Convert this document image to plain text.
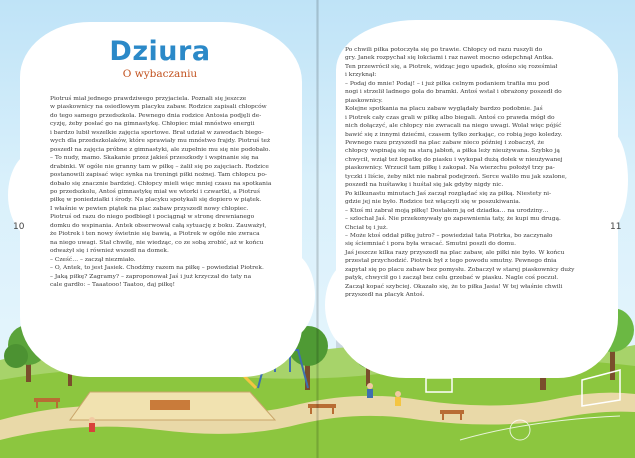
Dziura
O wybaczaniu

Piotruś miał jednego prawdziwego przyjaciela. Poznali się jeszcze

w piaskownicy na osiedlowym placyku zabaw. Rodzice zapisali chłopców

do tego samego przedszkola. Pewnego dnia rodzice Antosia podjęli de-

cyzję, żeby posłać go na gimnastykę. Chłopiec miał mnóstwo energii

i bardzo lubił wszelkie zajęcia sportowe. Brał udział w zawodach biego-

wych dla przedszkolaków, które sprawiały mu mnóstwo frajdy. Piotruś też

poszedł na zajęcia próbne z gimnastyki, ale zupełnie mu się nie podobało.

– To nudy, mamo. Skakanie przez jakieś przeszkody i wspinanie się na

drabinki. W ogóle nie granny tam w piłkę – żalił się po zajęciach. Rodzice

postanowili zapisać więc synka na treningi piłki nożnej. Tam chłopcu po-

dobało się znacznie bardziej. Chłopcy mieli więc mniej czasu na spotkania

po przedszkolu, Antoś gimnastykę miał we wtorki i czwartki, a Piotruś

piłkę w poniedziałki i środy. Na placyku spotykali się dopiero w piątek.

I właśnie w pewien piątek na plac zabaw przyszedł nowy chłopiec.

Piotruś od razu do niego podbiegł i pociągnął w stronę drewnianego

domku do wspinania. Antek obserwował całą sytuację z boku. Zauważył,

że Piotrek i ten nowy świetnie się bawią, a Piotrek w ogóle nie zwraca

na niego uwagi. Stał chwilę, nie wiedząc, co ze sobą zrobić, aż w końcu

odważył się i również wszedł na domek.

– Cześć… – zaczął niezmiało.

– O, Antek, to jest Jasiek. Chodźmy razem na piłkę – powiedział Piotrek.

– Jaką piłkę? Zagramy? – zaproponował Jaś i już krzyczał do taty na

cale gardło: – Taaatooo! Taatoo, daj piłkę!

Po chwili piłka potoczyła się po trawie. Chłopcy od razu ruszyli do

gry. Janek rozpychał się łokciami i raz nawet mocno odepchnął Antka.

Ten przewrócił się, a Piotrek, widząc jego upadek, głośno się roześmiał

i krzyknął:

– Podaj do mnie! Podaj! – i już piłka celnym podaniem trafiła mu pod

nogi i strzelił ladnego gola do bramki. Antoś wstał i obrażony poszedł do

piaskownicy.

Kolejne spotkania na placu zabaw wyglądały bardzo podobnie. Jaś

i Piotrek cały czas grali w piłkę albo biegali. Antoś co prawda mógł do

nich dołączyć, ale chłopcy nie zwracali na niego uwagi. Wolał więc pójść

bawić się z innymi dziećmi, czasem tylko zerkając, co robią jego koledzy.

Pewnego razu przyszedł na plac zabaw nieco później i zobaczył, że

chłopcy wspinają się na starą jabłoń, a piłka leży nieużywana. Szybko ją

chwycił, wziął też łopatkę do piasku i wykopał dużą dołek w nieużywanej

piaskownicy. Wrzucił tam piłkę i zakopał. Na wierzchu położył trzy pa-

tyczki i liście, żeby nikt nie nabrał podejrzeń. Serce waliło mu jak szalone,

poszedł na huśtawkę i huśtał się jak gdyby nigdy nic.

Po kilkunastu minutach Jaś zaczął rozglądać się za piłką. Niestety ni-

gdzie jej nie było. Rodzice też włączyli się w poszukiwania.

– Ktoś mi zabrał moją piłkę! Dostałem ją od dziadka… na urodziny…

– szlochał Jaś. Nie przekonywały go zapewnienia taty, że kupi mu drugą.

Chciał tę i już.

– Może ktoś oddał piłkę jutro? – powiedział tata Piotrka, bo zaczynało

się ściemniać i pora była wracać. Smutni poszli do domu.

Jaś jeszcze kilka razy przyszedł na plac zabaw, ale piłki nie było. W końcu

przestał przychodzić. Piotrek był z tego powodu smutny. Pewnego dnia

zapytał się po placu zabaw bez pomysłu. Zobaczył w starej piaskownicy duży

patyk, chwycił go i zaczął bez celu grzebać w piasku. Nagle coś poczuł.

Zaczął kopać szybciej. Okazało się, że to piłka Jasia! W tej właśnie chwili

przyszedł na placyk Antoś.

10	11
